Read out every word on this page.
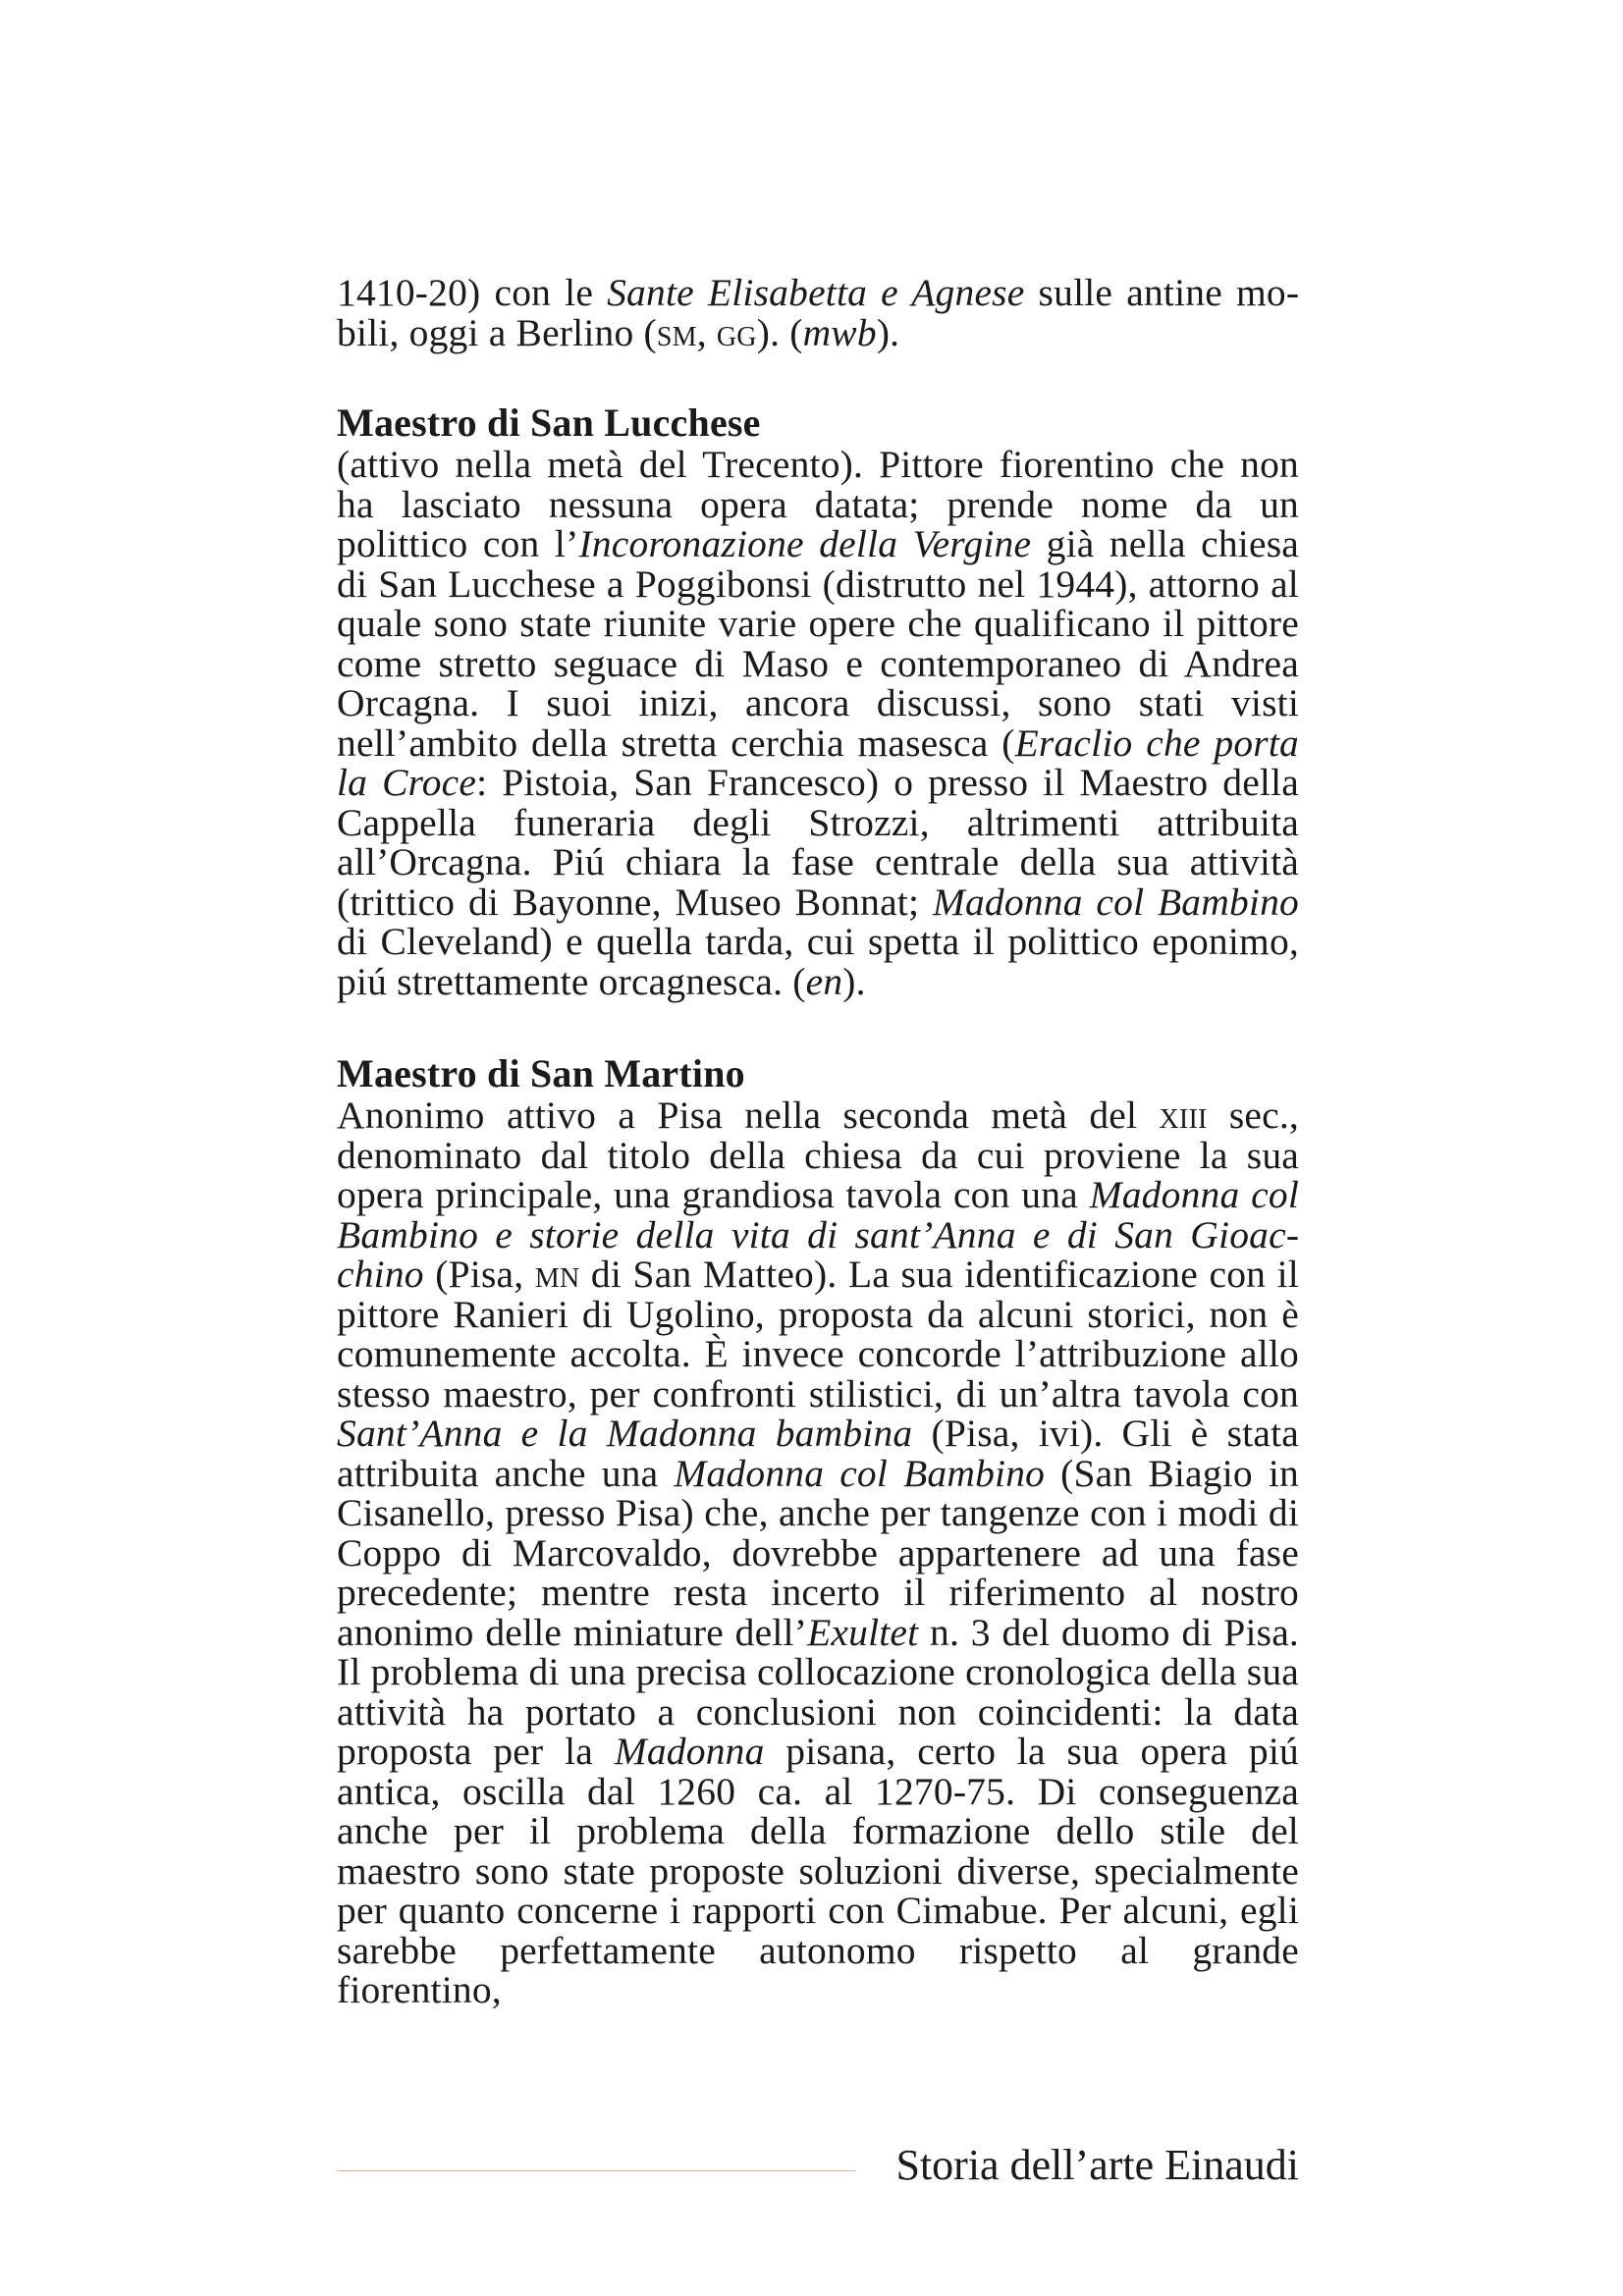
1410-20) con le Sante Elisabetta e Agnese sulle antine mobili, oggi a Berlino (sm, gg). (mwb).

Maestro di San Lucchese

(attivo nella metà del Trecento). Pittore fiorentino che non ha lasciato nessuna opera datata; prende nome da un polittico con l’Incoronazione della Vergine già nella chiesa di San Lucchese a Poggibonsi (distrutto nel 1944), attorno al quale sono state riunite varie opere che qualificano il pittore come stretto seguace di Maso e contemporaneo di Andrea Orcagna. I suoi inizi, ancora discussi, sono stati visti nell’ambito della stretta cerchia masesca (Eraclio che porta la Croce: Pistoia, San Francesco) o presso il Maestro della Cappella funeraria degli Strozzi, altrimenti attribuita all’Orcagna. Piú chiara la fase centrale della sua attività (trittico di Bayonne, Museo Bonnat; Madonna col Bambino di Cleveland) e quella tarda, cui spetta il polittico eponimo, piú strettamente orcagnesca. (en).

Maestro di San Martino

Anonimo attivo a Pisa nella seconda metà del xiii sec., denominato dal titolo della chiesa da cui proviene la sua opera principale, una grandiosa tavola con una Madonna col Bambino e storie della vita di sant’Anna e di San Gioacchino (Pisa, mn di San Matteo). La sua identificazione con il pittore Ranieri di Ugolino, proposta da alcuni storici, non è comunemente accolta. È invece concorde l’attribuzione allo stesso maestro, per confronti stilistici, di un’altra tavola con Sant’Anna e la Madonna bambina (Pisa, ivi). Gli è stata attribuita anche una Madonna col Bambino (San Biagio in Cisanello, presso Pisa) che, anche per tangenze con i modi di Coppo di Marcovaldo, dovrebbe appartenere ad una fase precedente; mentre resta incerto il riferimento al nostro anonimo delle miniature dell’Exultet n. 3 del duomo di Pisa. Il problema di una precisa collocazione cronologica della sua attività ha portato a conclusioni non coincidenti: la data proposta per la Madonna pisana, certo la sua opera piú antica, oscilla dal 1260 ca. al 1270-75. Di conseguenza anche per il problema della formazione dello stile del maestro sono state proposte soluzioni diverse, specialmente per quanto concerne i rapporti con Cimabue. Per alcuni, egli sarebbe perfettamente autonomo rispetto al grande fiorentino,

Storia dell’arte Einaudi
